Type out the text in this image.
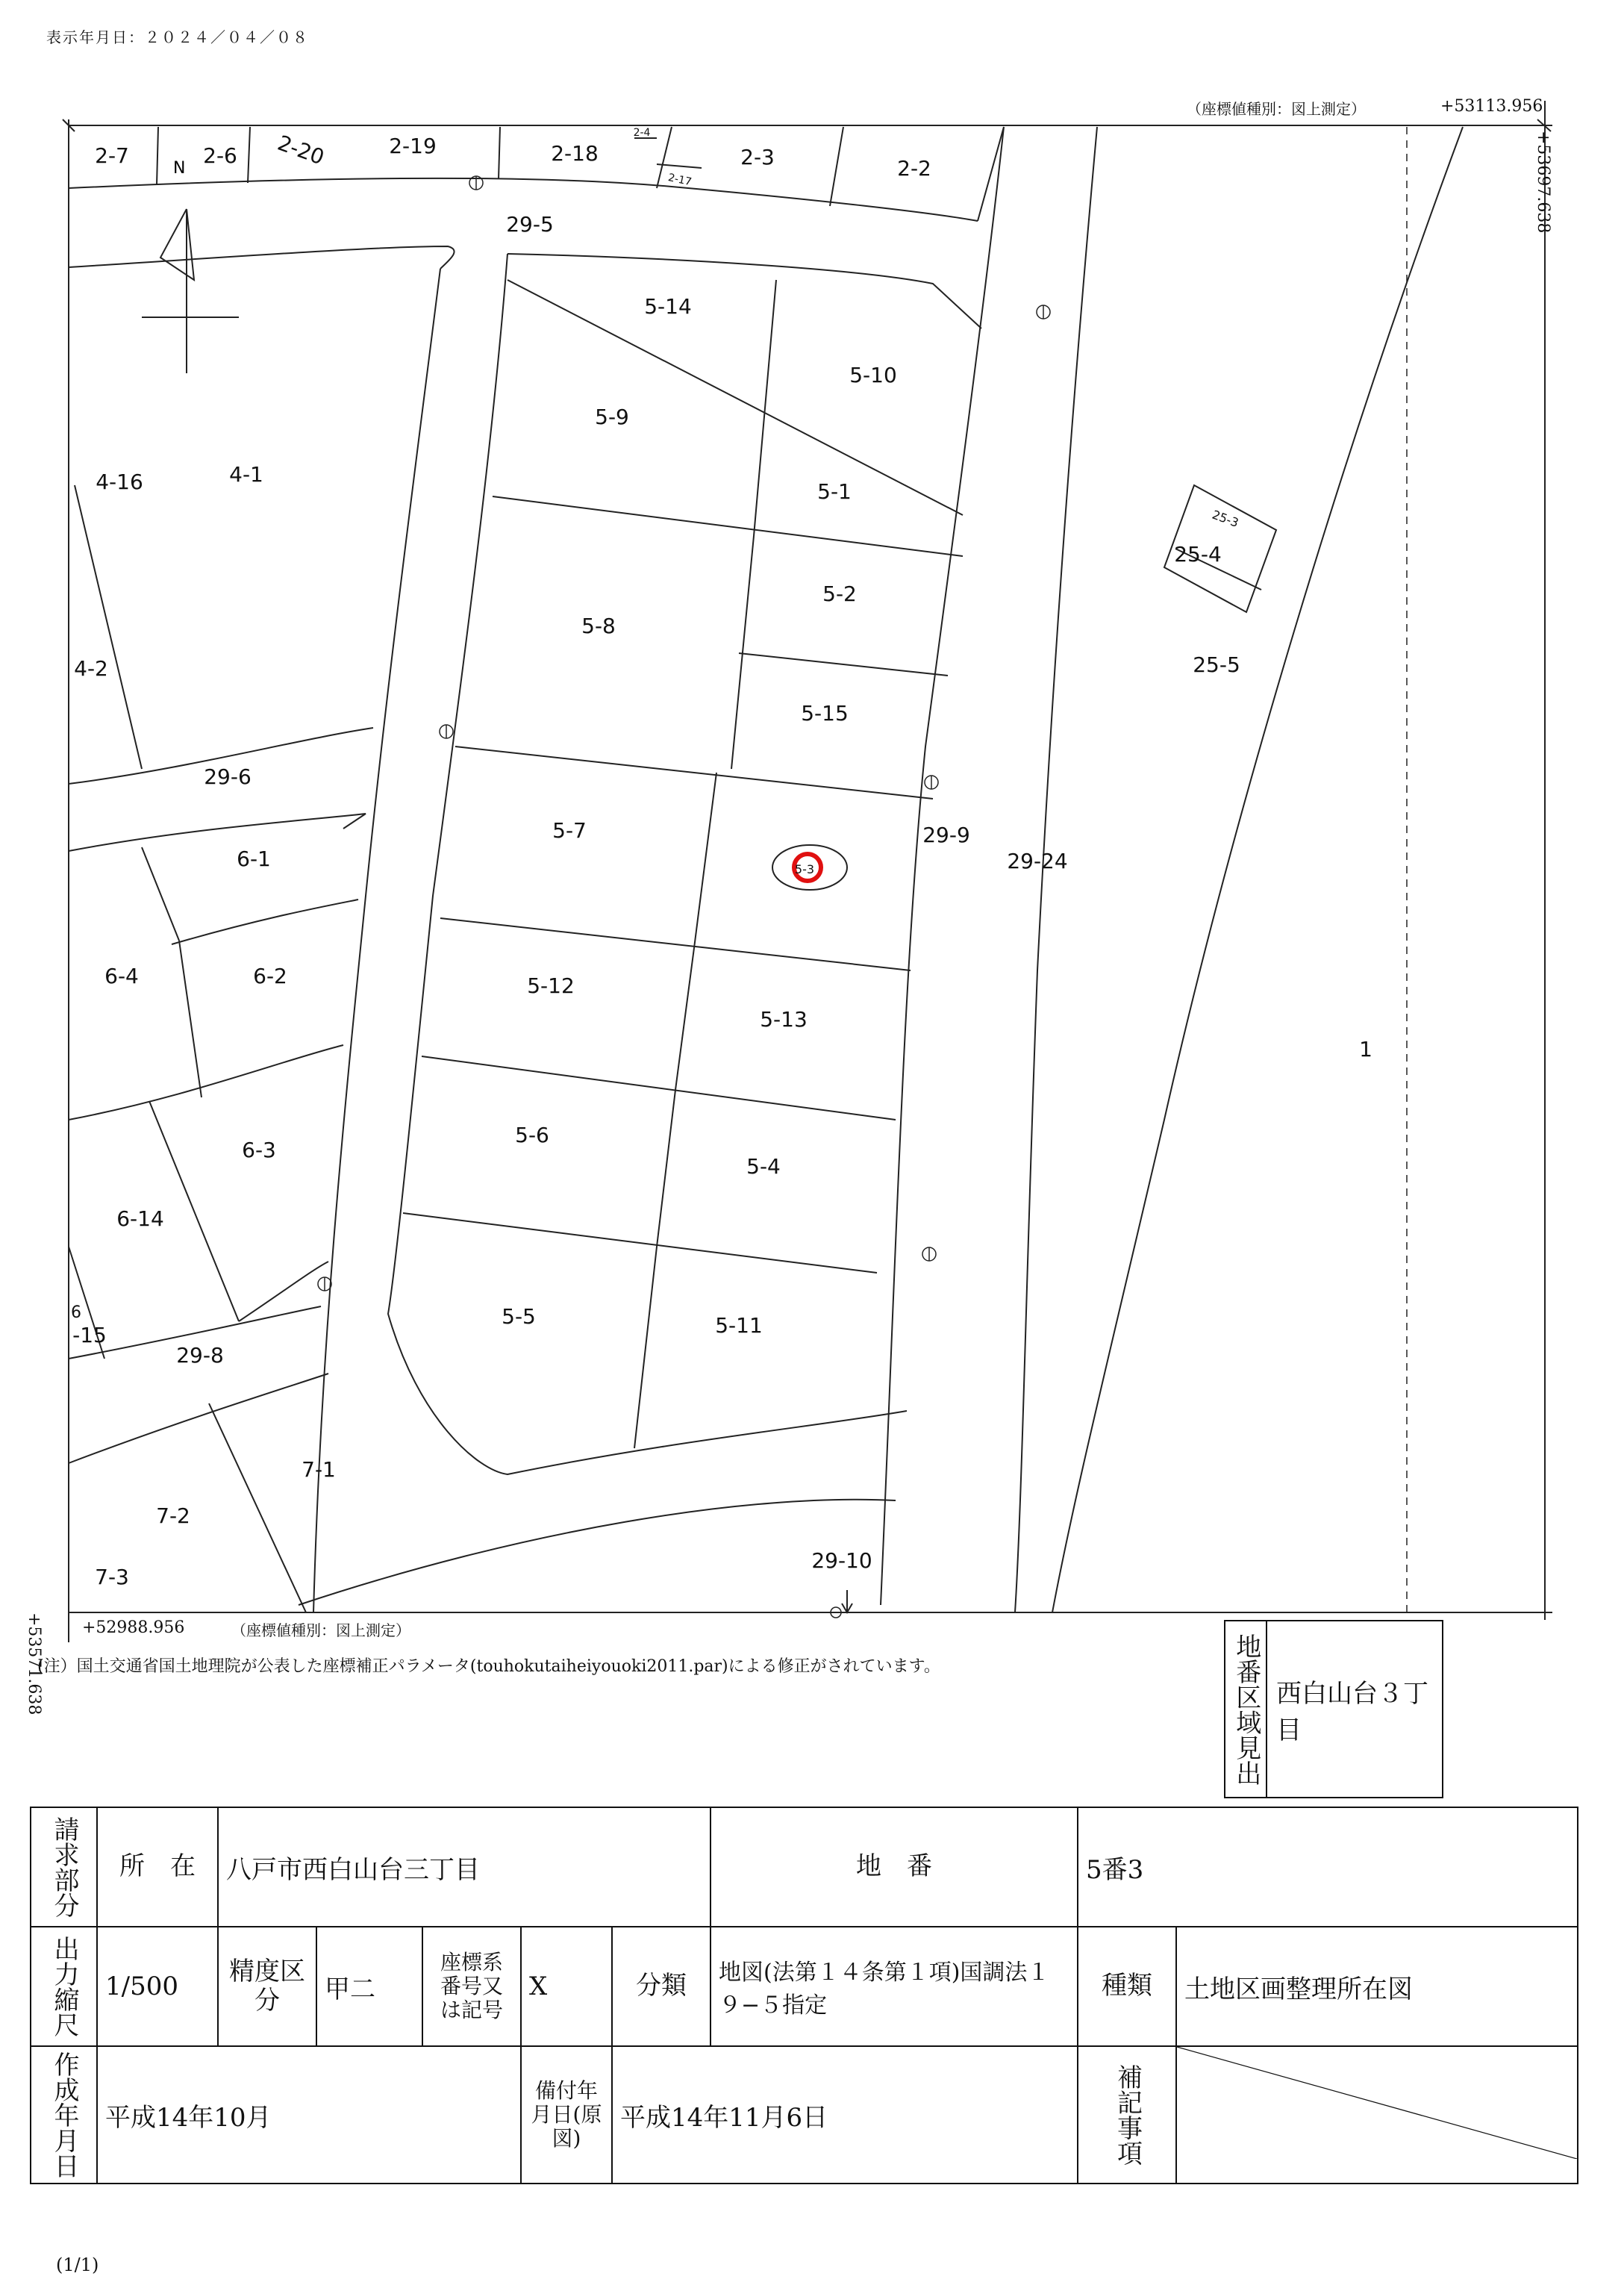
表示年月日：２０２４／０４／０８
2-7	2-6 2-20	2-19	2-18
2-4
2-17
2-3	2-2
29-5
5-14
5-10
5-9
5-1
4-16	4-1
25-3
25-4
5-2
5-8
25-5
4-2
5-15
29-6
5-7
5-3
29-9
29-24
6-1
6-4	6-2	5-12
5-13
1
5-6
5-4
6-3
6-14
6
-15
5-5	5-11
29-8
7-1
7-2
7-3
29-10
N
（座標値種別：図上測定）	+53113.956
+53697.638
+53571.638 +52988.956	（座標値種別：図上測定）
(注）国土交通省国土地理院が公表した座標補正パラメータ(touhokutaiheiyouoki2011.par)による修正がされています。	地番区域見出 西白山台３丁目
請求部分	所　在	八戸市西白山台三丁目					地　番	5番3	
出力縮尺	1/500	精度区分	甲二	座標系番号又は記号	X	分類	地図(法第１４条第１項)国調法１９−５指定	種類	土地区画整理所在図
作成年月日	平成14年10月				備付年月日(原図)	平成14年11月6日		補記事項	
(1/1)
